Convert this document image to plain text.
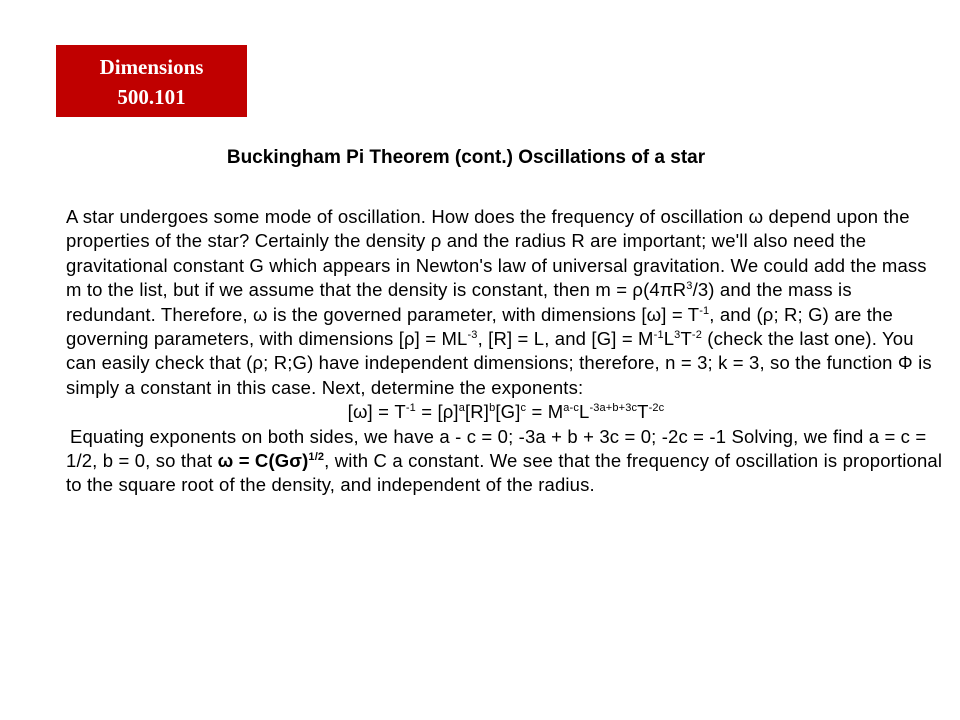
Dimensions
500.101
Buckingham Pi Theorem (cont.) Oscillations of a star

A star undergoes some mode of oscillation. How does the frequency of oscillation ω depend upon the properties of the star? Certainly the density ρ and the radius R are important; we'll also need the gravitational constant G which appears in Newton's law of universal gravitation. We could add the mass m to the list, but if we assume that the density is constant, then $m = \rho(4\pi R^3/3)$ and the mass is redundant. Therefore, ω is the governed parameter, with dimensions $[\omega] = T^{-1}$, and (ρ; R; G) are the governing parameters, with dimensions $[\rho] = ML^{-3}$, [R] = L, and $[G] = M^{-1}L^3T^{-2}$ (check the last one). You can easily check that (ρ; R;G) have independent dimensions; therefore, n = 3; k = 3, so the function Φ is simply a constant in this case. Next, determine the exponents:

$[\omega] = T^{-1} = [\rho]^a[R]^b[G]^c = M^{a-c}L^{-3a+b+3c}T^{-2c}$

Equating exponents on both sides, we have a - c = 0; -3a + b + 3c = 0; -2c = -1 Solving, we find a = c = 1/2, b = 0, so that $\omega = C(G\sigma)^{1/2}$, with C a constant. We see that the frequency of oscillation is proportional to the square root of the density, and independent of the radius.
